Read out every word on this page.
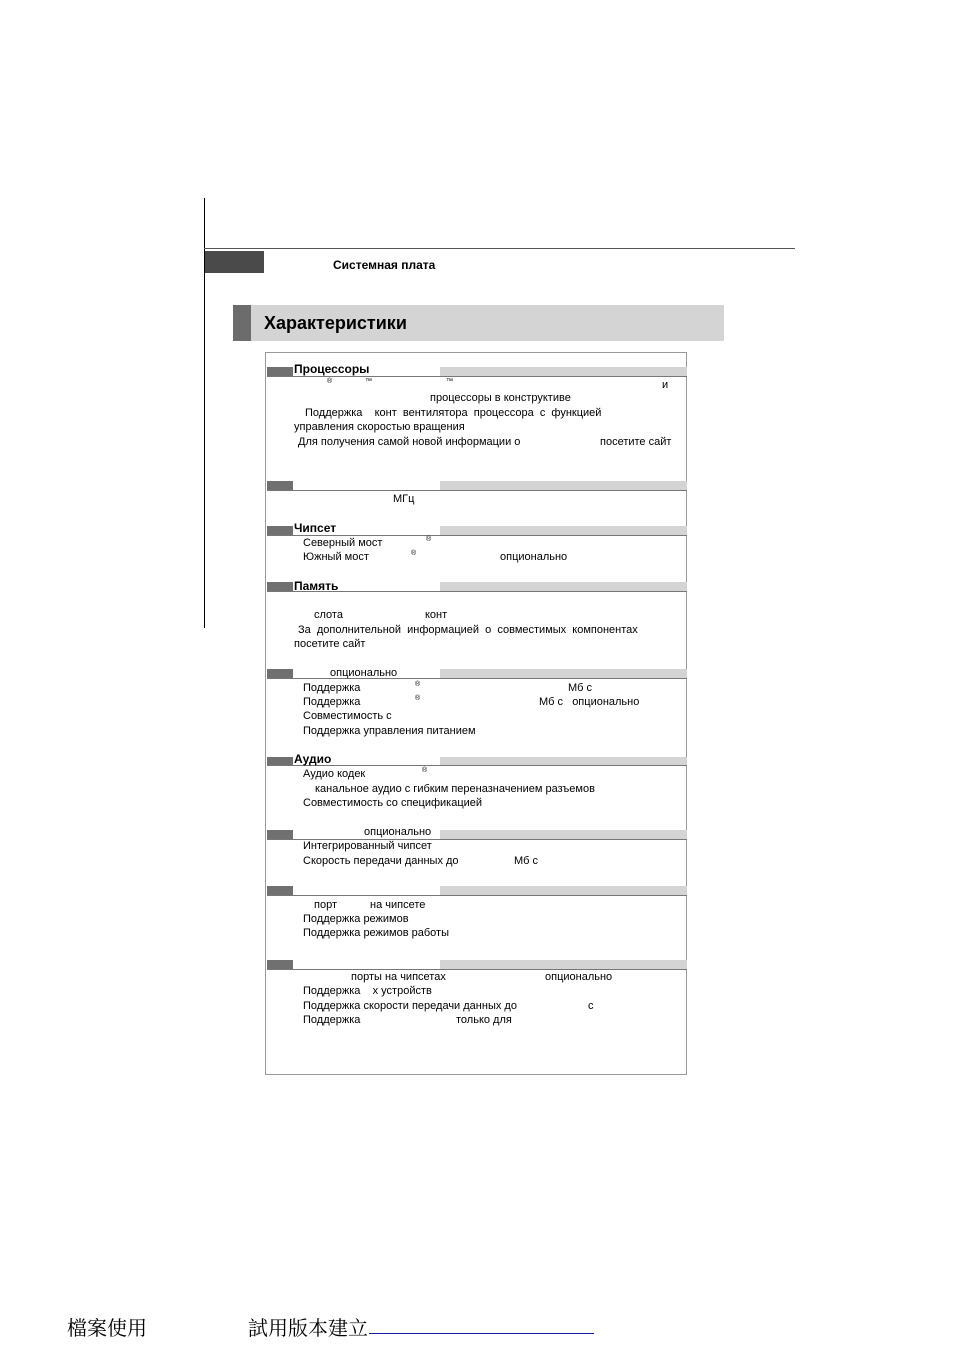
Системная плата
Характеристики
Процессоры
®	™	™	и
процессоры в конструктиве
Поддержка    конт  вентилятора  процессора  с  функцией
управления скоростью вращения
Для получения самой новой информации о	посетите сайт
МГц
Чипсет
Северный мост	®
Южный мост	®	опционально
Память
слота	конт
За  дополнительной  информацией  о  совместимых  компонентах
посетите сайт
опционально
Поддержка	®	Мб с
Поддержка	®	Мб с   опционально
Совместимость с
Поддержка управления питанием
Аудио
Аудио кодек	®
канальное аудио с гибким переназначением разъемов
Совместимость со спецификацией
опционально
Интегрированный чипсет
Скорость передачи данных до	Мб с
порт	на чипсете
Поддержка режимов
Поддержка режимов работы
порты на чипсетах	опционально
Поддержка    х устройств
Поддержка скорости передачи данных до	с
Поддержка	только для
檔案使用	試用版本建立
